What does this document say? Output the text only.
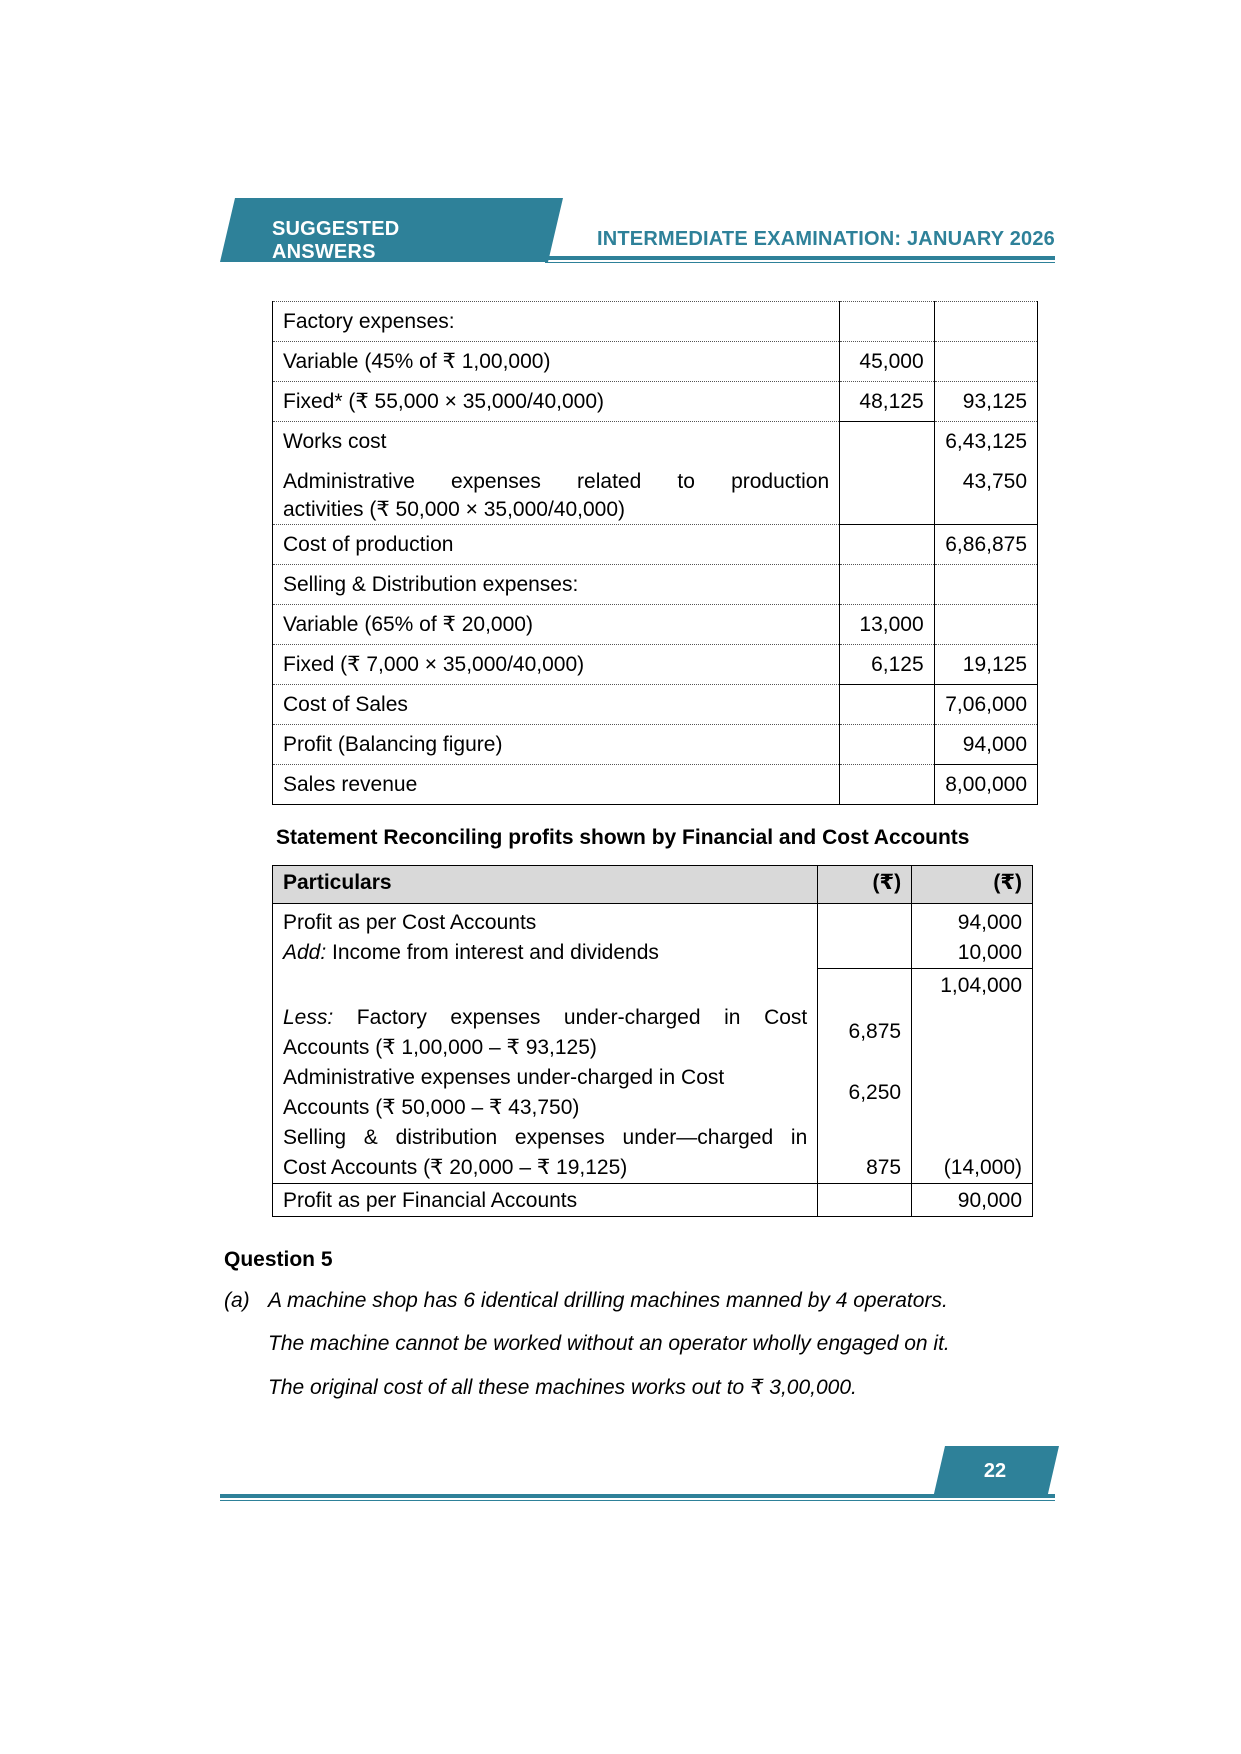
SUGGESTED ANSWERS
INTERMEDIATE EXAMINATION: JANUARY 2026
Factory expenses:		
Variable (45% of ₹ 1,00,000)	45,000	
Fixed* (₹ 55,000 × 35,000/40,000)	48,125	93,125
Works cost		6,43,125

Administrative expenses related to production
activities (₹ 50,000 × 35,000/40,000)		43,750
Cost of production		6,86,875
Selling & Distribution expenses:		
Variable (65% of ₹ 20,000)	13,000	
Fixed (₹ 7,000 × 35,000/40,000)	6,125	19,125
Cost of Sales		7,06,000
Profit (Balancing figure)		94,000
Sales revenue		8,00,000
Statement Reconciling profits shown by Financial and Cost Accounts
Particulars	(₹)	(₹)
Profit as per Cost Accounts		94,000
Add: Income from interest and dividends		10,000
		1,04,000

Less: Factory expenses under-charged in Cost
Accounts (₹ 1,00,000 – ₹ 93,125)	6,875	

Administrative expenses under-charged in Cost
Accounts (₹ 50,000 – ₹ 43,750)	6,250	

Selling & distribution expenses under—charged in
Cost Accounts (₹ 20,000 – ₹ 19,125)	875	(14,000)
Profit as per Financial Accounts		90,000
Question 5
(a) A machine shop has 6 identical drilling machines manned by 4 operators.
The machine cannot be worked without an operator wholly engaged on it.
The original cost of all these machines works out to ₹ 3,00,000.
22
